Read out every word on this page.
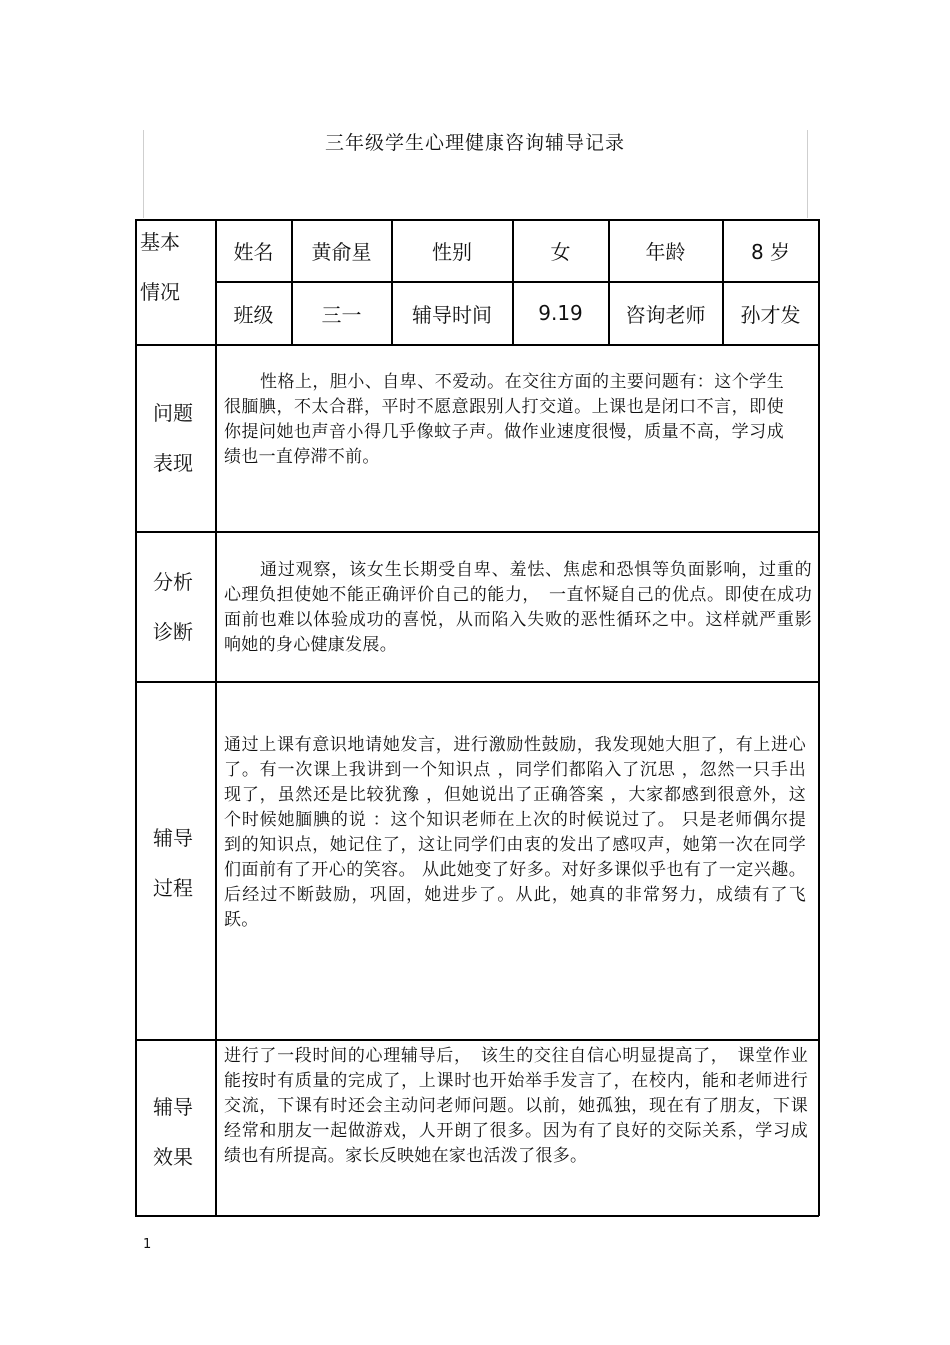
三年级学生心理健康咨询辅导记录
基本
情况
姓名	黄俞星	性别	女	年龄	8 岁
班级	三一	辅导时间	9.19	咨询老师	孙才发
问题
表现

性格上，胆小、自卑、不爱动。在交往方面的主要问题有：这个学生很腼腆，不太合群，平时不愿意跟别人打交道。上课也是闭口不言，即使你提问她也声音小得几乎像蚊子声。做作业速度很慢，质量不高，学习成绩也一直停滞不前。

分析
诊断

通过观察，该女生长期受自卑、羞怯、焦虑和恐惧等负面影响，过重的心理负担使她不能正确评价自己的能力，　一直怀疑自己的优点。即使在成功面前也难以体验成功的喜悦，从而陷入失败的恶性循环之中。这样就严重影响她的身心健康发展。

辅导
过程

通过上课有意识地请她发言，进行激励性鼓励，我发现她大胆了，有上进心了。有一次课上我讲到一个知识点 ，同学们都陷入了沉思 ，忽然一只手出现了，虽然还是比较犹豫 ，但她说出了正确答案 ，大家都感到很意外，这个时候她腼腆的说 ：这个知识老师在上次的时候说过了。 只是老师偶尔提到的知识点，她记住了，这让同学们由衷的发出了感叹声，她第一次在同学们面前有了开心的笑容。 从此她变了好多。对好多课似乎也有了一定兴趣。后经过不断鼓励，巩固，她进步了。从此，她真的非常努力，成绩有了飞跃。

辅导
效果

进行了一段时间的心理辅导后，　该生的交往自信心明显提高了，　课堂作业能按时有质量的完成了，上课时也开始举手发言了，在校内，能和老师进行交流，下课有时还会主动问老师问题。以前，她孤独，现在有了朋友，下课经常和朋友一起做游戏，人开朗了很多。因为有了良好的交际关系，学习成绩也有所提高。家长反映她在家也活泼了很多。

1
